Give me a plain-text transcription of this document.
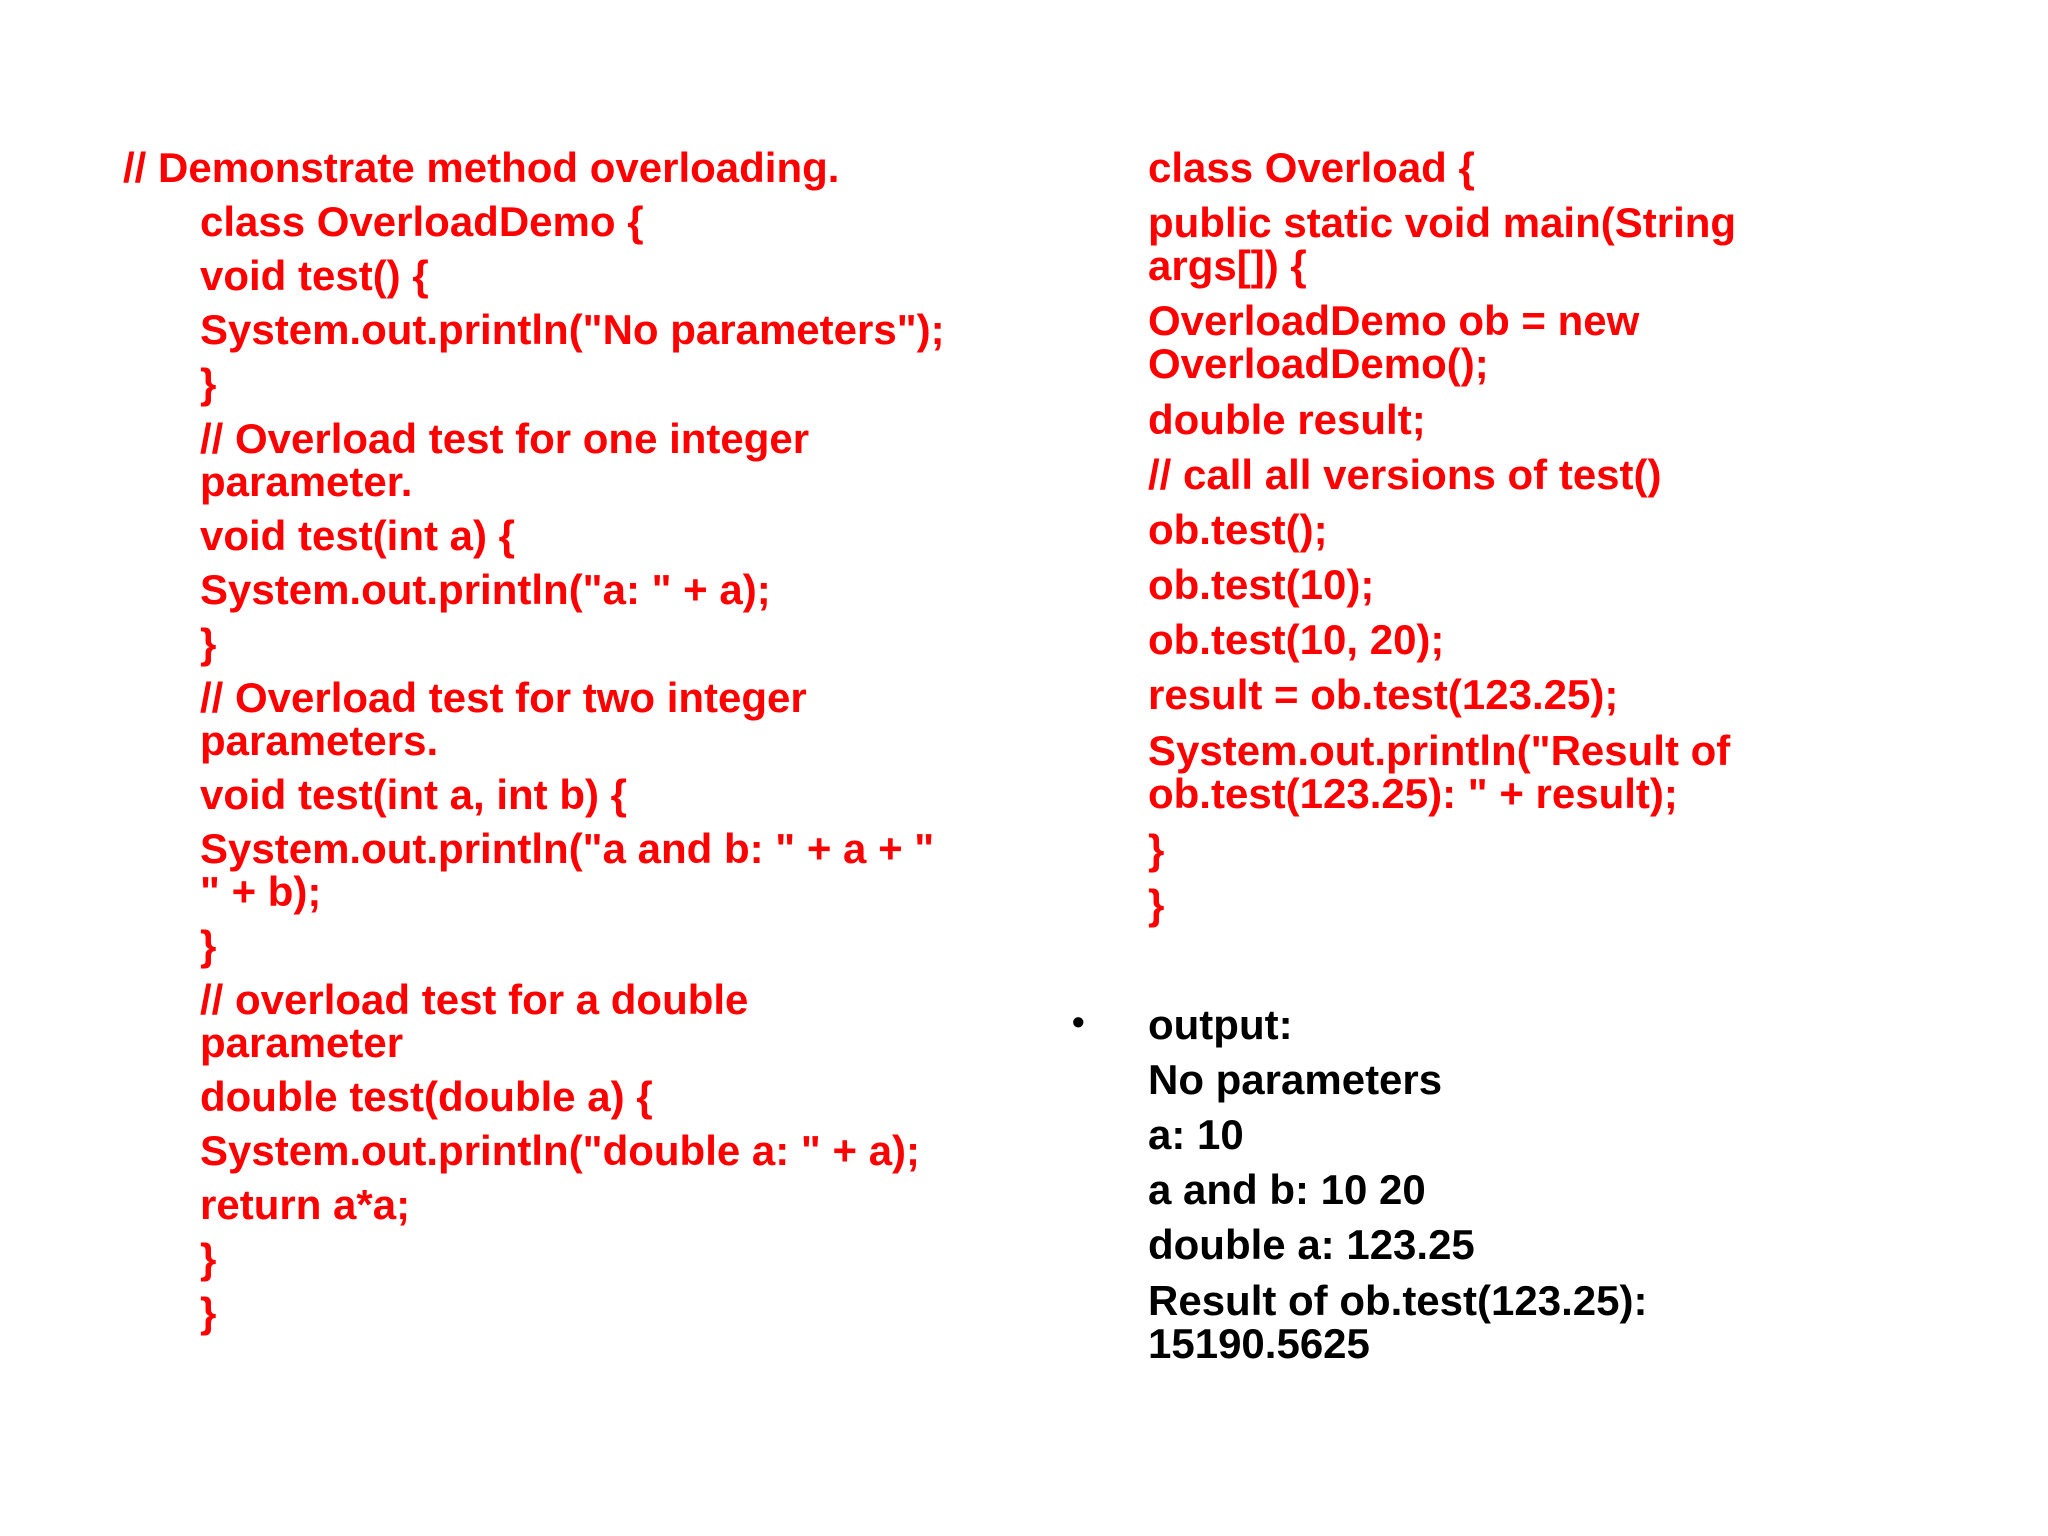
// Demonstrate method overloading.
class OverloadDemo {
void test() {
System.out.println("No parameters");
}
// Overload test for one integer
parameter.
void test(int a) {
System.out.println("a: " + a);
}
// Overload test for two integer
parameters.
void test(int a, int b) {
System.out.println("a and b: " + a + "
" + b);
}
// overload test for a double
parameter
double test(double a) {
System.out.println("double a: " + a);
return a*a;
}
}
class Overload {
public static void main(String
args[]) {
OverloadDemo ob = new
OverloadDemo();
double result;
// call all versions of test()
ob.test();
ob.test(10);
ob.test(10, 20);
result = ob.test(123.25);
System.out.println("Result of
ob.test(123.25): " + result);
}
}
• output:
No parameters
a: 10
a and b: 10 20
double a: 123.25
Result of ob.test(123.25):
15190.5625
